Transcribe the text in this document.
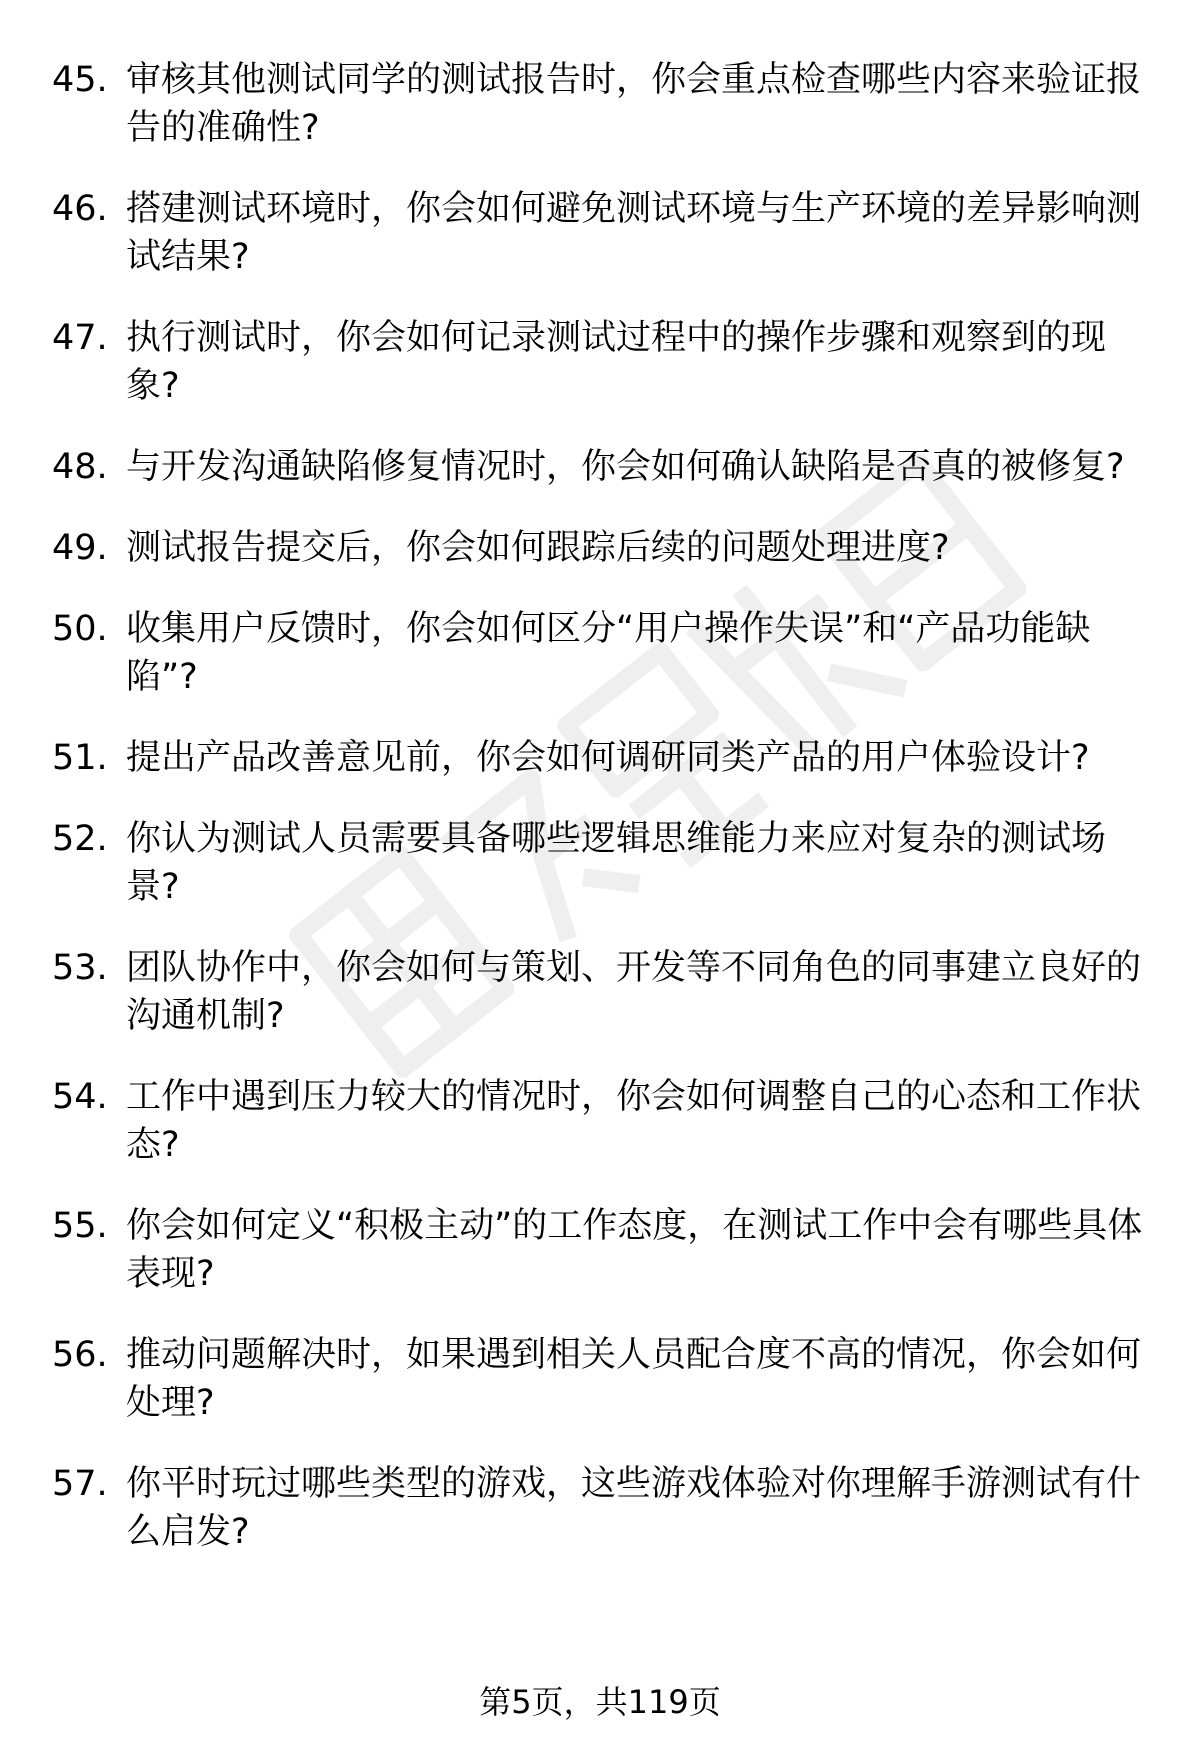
45. 审核其他测试同学的测试报告时，你会重点检查哪些内容来验证报告的准确性?
46. 搭建测试环境时，你会如何避免测试环境与生产环境的差异影响测试结果?
47. 执行测试时，你会如何记录测试过程中的操作步骤和观察到的现象?
48. 与开发沟通缺陷修复情况时，你会如何确认缺陷是否真的被修复?
49. 测试报告提交后，你会如何跟踪后续的问题处理进度?
50. 收集用户反馈时，你会如何区分“用户操作失误”和“产品功能缺陷”?
51. 提出产品改善意见前，你会如何调研同类产品的用户体验设计?
52. 你认为测试人员需要具备哪些逻辑思维能力来应对复杂的测试场景?
53. 团队协作中，你会如何与策划、开发等不同角色的同事建立良好的沟通机制?
54. 工作中遇到压力较大的情况时，你会如何调整自己的心态和工作状态?
55. 你会如何定义“积极主动”的工作态度，在测试工作中会有哪些具体表现?
56. 推动问题解决时，如果遇到相关人员配合度不高的情况，你会如何处理?
57. 你平时玩过哪些类型的游戏，这些游戏体验对你理解手游测试有什么启发?
第5页，共119页
